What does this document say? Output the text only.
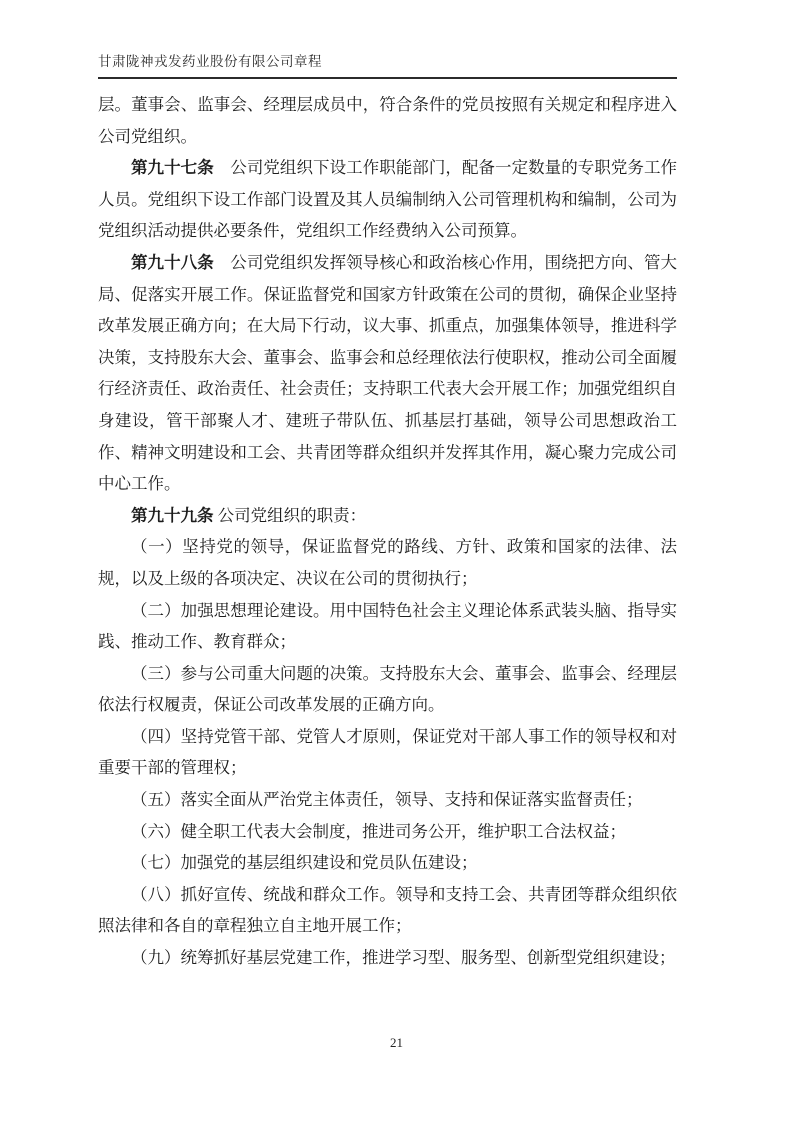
甘肃陇神戎发药业股份有限公司章程

层。董事会、监事会、经理层成员中，符合条件的党员按照有关规定和程序进入公司党组织。

第九十七条　公司党组织下设工作职能部门，配备一定数量的专职党务工作人员。党组织下设工作部门设置及其人员编制纳入公司管理机构和编制，公司为党组织活动提供必要条件，党组织工作经费纳入公司预算。

第九十八条　公司党组织发挥领导核心和政治核心作用，围绕把方向、管大局、促落实开展工作。保证监督党和国家方针政策在公司的贯彻，确保企业坚持改革发展正确方向；在大局下行动，议大事、抓重点，加强集体领导，推进科学决策，支持股东大会、董事会、监事会和总经理依法行使职权，推动公司全面履行经济责任、政治责任、社会责任；支持职工代表大会开展工作；加强党组织自身建设，管干部聚人才、建班子带队伍、抓基层打基础，领导公司思想政治工作、精神文明建设和工会、共青团等群众组织并发挥其作用，凝心聚力完成公司中心工作。

第九十九条 公司党组织的职责：

（一）坚持党的领导，保证监督党的路线、方针、政策和国家的法律、法规，以及上级的各项决定、决议在公司的贯彻执行；

（二）加强思想理论建设。用中国特色社会主义理论体系武装头脑、指导实践、推动工作、教育群众；

（三）参与公司重大问题的决策。支持股东大会、董事会、监事会、经理层依法行权履责，保证公司改革发展的正确方向。

（四）坚持党管干部、党管人才原则，保证党对干部人事工作的领导权和对重要干部的管理权；

（五）落实全面从严治党主体责任，领导、支持和保证落实监督责任；

（六）健全职工代表大会制度，推进司务公开，维护职工合法权益；

（七）加强党的基层组织建设和党员队伍建设；

（八）抓好宣传、统战和群众工作。领导和支持工会、共青团等群众组织依照法律和各自的章程独立自主地开展工作；

（九）统筹抓好基层党建工作，推进学习型、服务型、创新型党组织建设；

21
